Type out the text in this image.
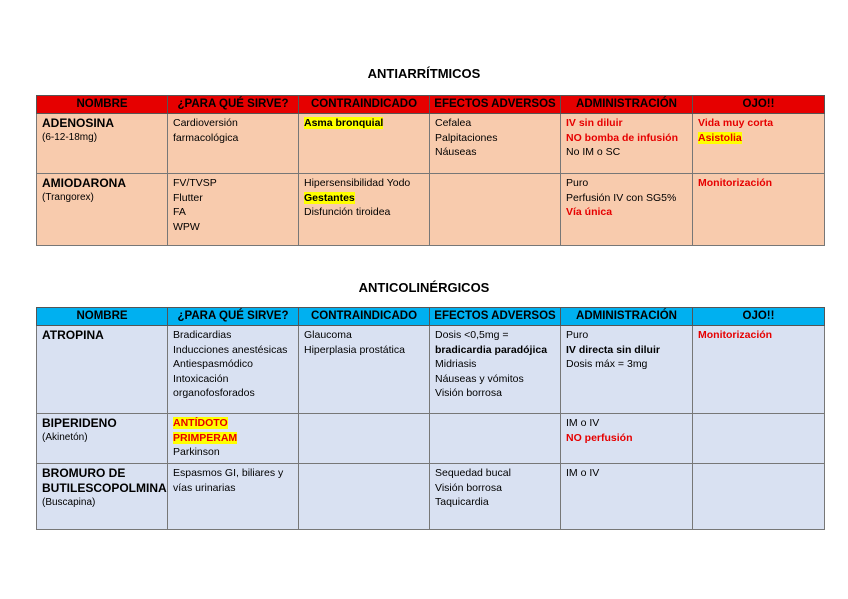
ANTIARRÍTMICOS
NOMBRE	¿PARA QUÉ SIRVE?	CONTRAINDICADO	EFECTOS ADVERSOS	ADMINISTRACIÓN	OJO!!

ADENOSINA
(6-12-18mg)	Cardioversión
farmacológica	Asma bronquial	Cefalea
Palpitaciones
Náuseas	IV sin diluir
NO bomba de infusión
No IM o SC	Vida muy corta
Asistolia

AMIODARONA
(Trangorex)	FV/TVSP
Flutter
FA
WPW	Hipersensibilidad Yodo
Gestantes
Disfunción tiroidea		Puro
Perfusión IV con SG5%
Vía única	Monitorización
ANTICOLINÉRGICOS
NOMBRE	¿PARA QUÉ SIRVE?	CONTRAINDICADO	EFECTOS ADVERSOS	ADMINISTRACIÓN	OJO!!

ATROPINA	Bradicardias
Inducciones anestésicas
Antiespasmódico
Intoxicación
organofosforados	Glaucoma
Hiperplasia prostática	Dosis <0,5mg =
bradicardia paradójica
Midriasis
Náuseas y vómitos
Visión borrosa	Puro
IV directa sin diluir
Dosis máx = 3mg	Monitorización

BIPERIDENO
(Akinetón)	ANTÍDOTO
PRIMPERAM
Parkinson			IM o IV
NO perfusión	

BROMURO DE
BUTILESCOPOLMINA
(Buscapina)	Espasmos GI, biliares y vías urinarias		Sequedad bucal
Visión borrosa
Taquicardia	IM o IV	
